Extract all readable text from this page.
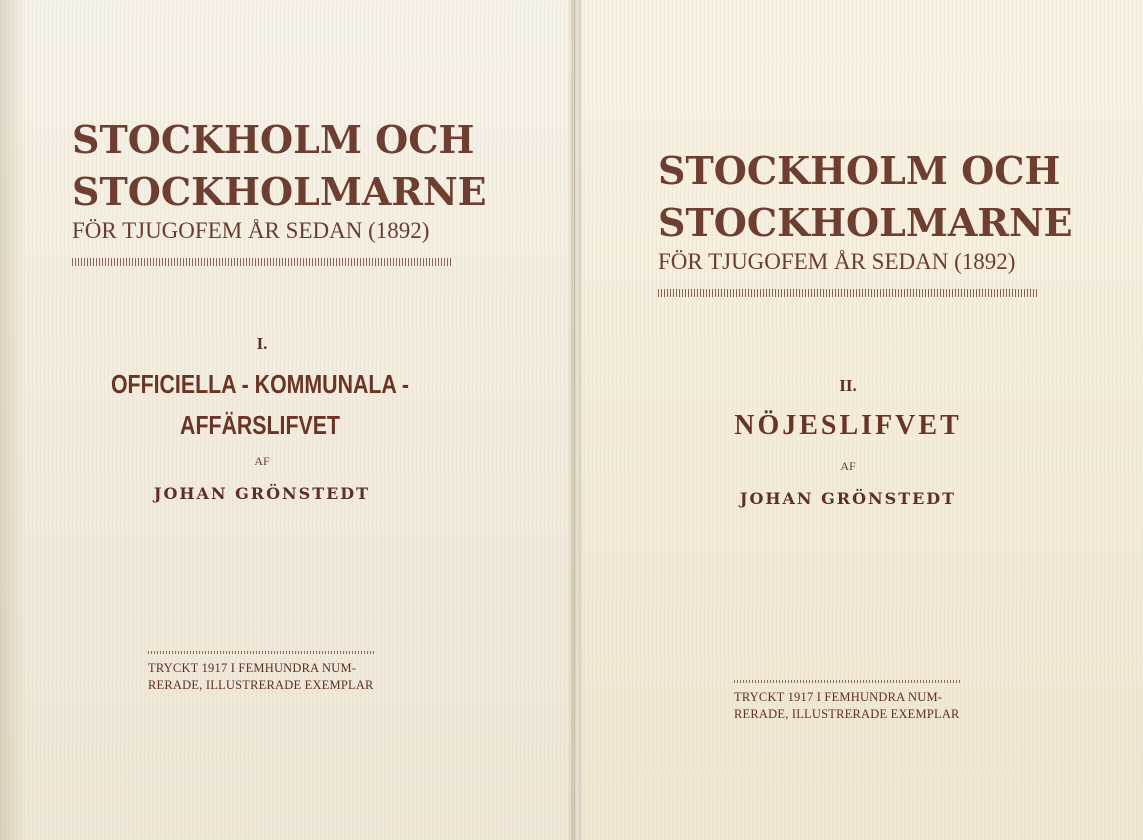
STOCKHOLM OCH
STOCKHOLMARNE
FÖR TJUGOFEM ÅR SEDAN (1892)
I.
OFFICIELLA - KOMMUNALA -
AFFÄRSLIFVET
AF
JOHAN GRÖNSTEDT
TRYCKT 1917 I FEMHUNDRA NUM-
RERADE, ILLUSTRERADE EXEMPLAR
STOCKHOLM OCH
STOCKHOLMARNE
FÖR TJUGOFEM ÅR SEDAN (1892)
II.
NÖJESLIFVET
AF
JOHAN GRÖNSTEDT
TRYCKT 1917 I FEMHUNDRA NUM-
RERADE, ILLUSTRERADE EXEMPLAR
